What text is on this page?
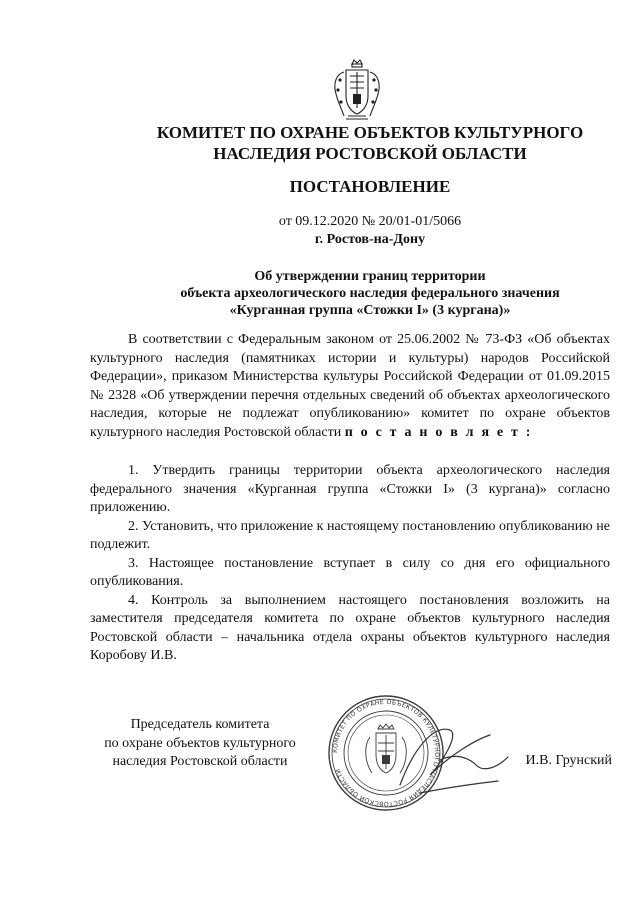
КОМИТЕТ ПО ОХРАНЕ ОБЪЕКТОВ КУЛЬТУРНОГО
НАСЛЕДИЯ РОСТОВСКОЙ ОБЛАСТИ
ПОСТАНОВЛЕНИЕ
от 09.12.2020 № 20/01-01/5066
г. Ростов-на-Дону
Об утверждении границ территории
объекта археологического наследия федерального значения
«Курганная группа «Стожки I» (3 кургана)»

В соответствии с Федеральным законом от 25.06.2002 № 73-ФЗ «Об объектах культурного наследия (памятниках истории и культуры) народов Российской Федерации», приказом Министерства культуры Российской Федерации от 01.09.2015 № 2328 «Об утверждении перечня отдельных сведений об объектах археологического наследия, которые не подлежат опубликованию» комитет по охране объектов культурного наследия Ростовской области п о с т а н о в л я е т :

1. Утвердить границы территории объекта археологического наследия федерального значения «Курганная группа «Стожки I» (3 кургана)» согласно приложению.

2. Установить, что приложение к настоящему постановлению опубликованию не подлежит.

3. Настоящее постановление вступает в силу со дня его официального опубликования.

4. Контроль за выполнением настоящего постановления возложить на заместителя председателя комитета по охране объектов культурного наследия Ростовской области – начальника отдела охраны объектов культурного наследия Коробову И.В.

Председатель комитета
по охране объектов культурного
наследия Ростовской области
КОМИТЕТ ПО ОХРАНЕ ОБЪЕКТОВ КУЛЬТУРНОГО НАСЛЕДИЯ РОСТОВСКОЙ ОБЛАСТИ
И.В. Грунский
